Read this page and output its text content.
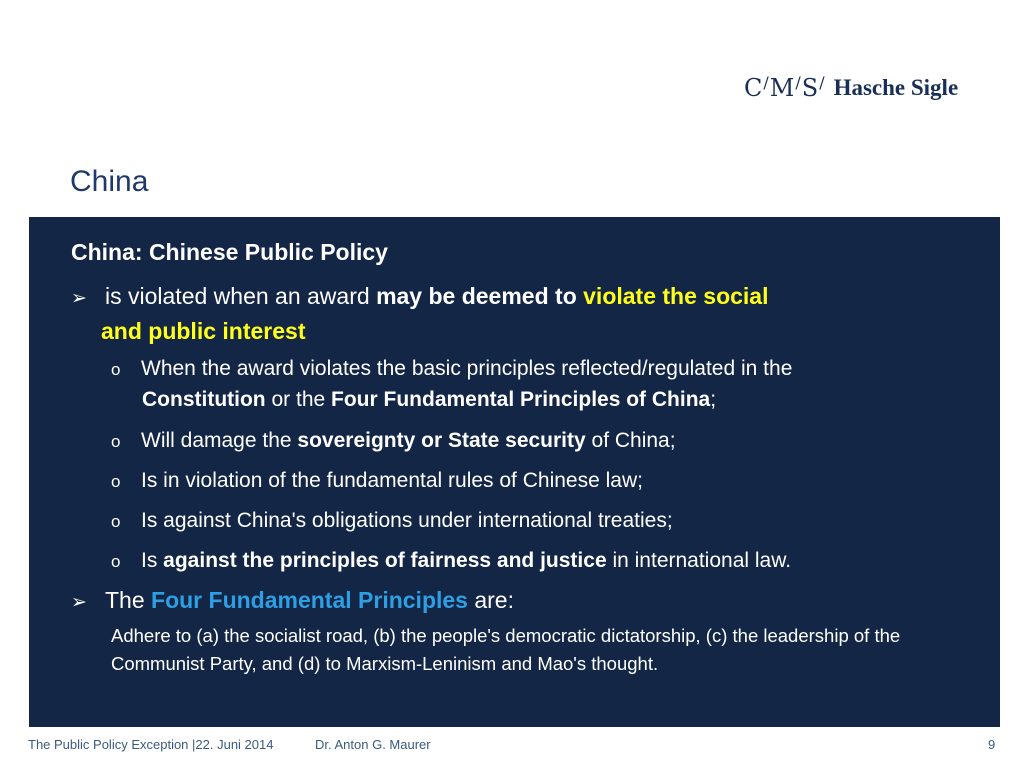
C/M/S/ Hasche Sigle
China
China: Chinese Public Policy
➢ is violated when an award may be deemed to violate the social
and public interest
o When the award violates the basic principles reflected/regulated in the
Constitution or the Four Fundamental Principles of China;
o Will damage the sovereignty or State security of China;
o Is in violation of the fundamental rules of Chinese law;
o Is against China's obligations under international treaties;
o Is against the principles of fairness and justice in international law.
➢ The Four Fundamental Principles are:
Adhere to (a) the socialist road, (b) the people's democratic dictatorship, (c) the leadership of the Communist Party, and (d) to Marxism-Leninism and Mao's thought.
The Public Policy Exception |22. Juni 2014	Dr. Anton G. Maurer	9
